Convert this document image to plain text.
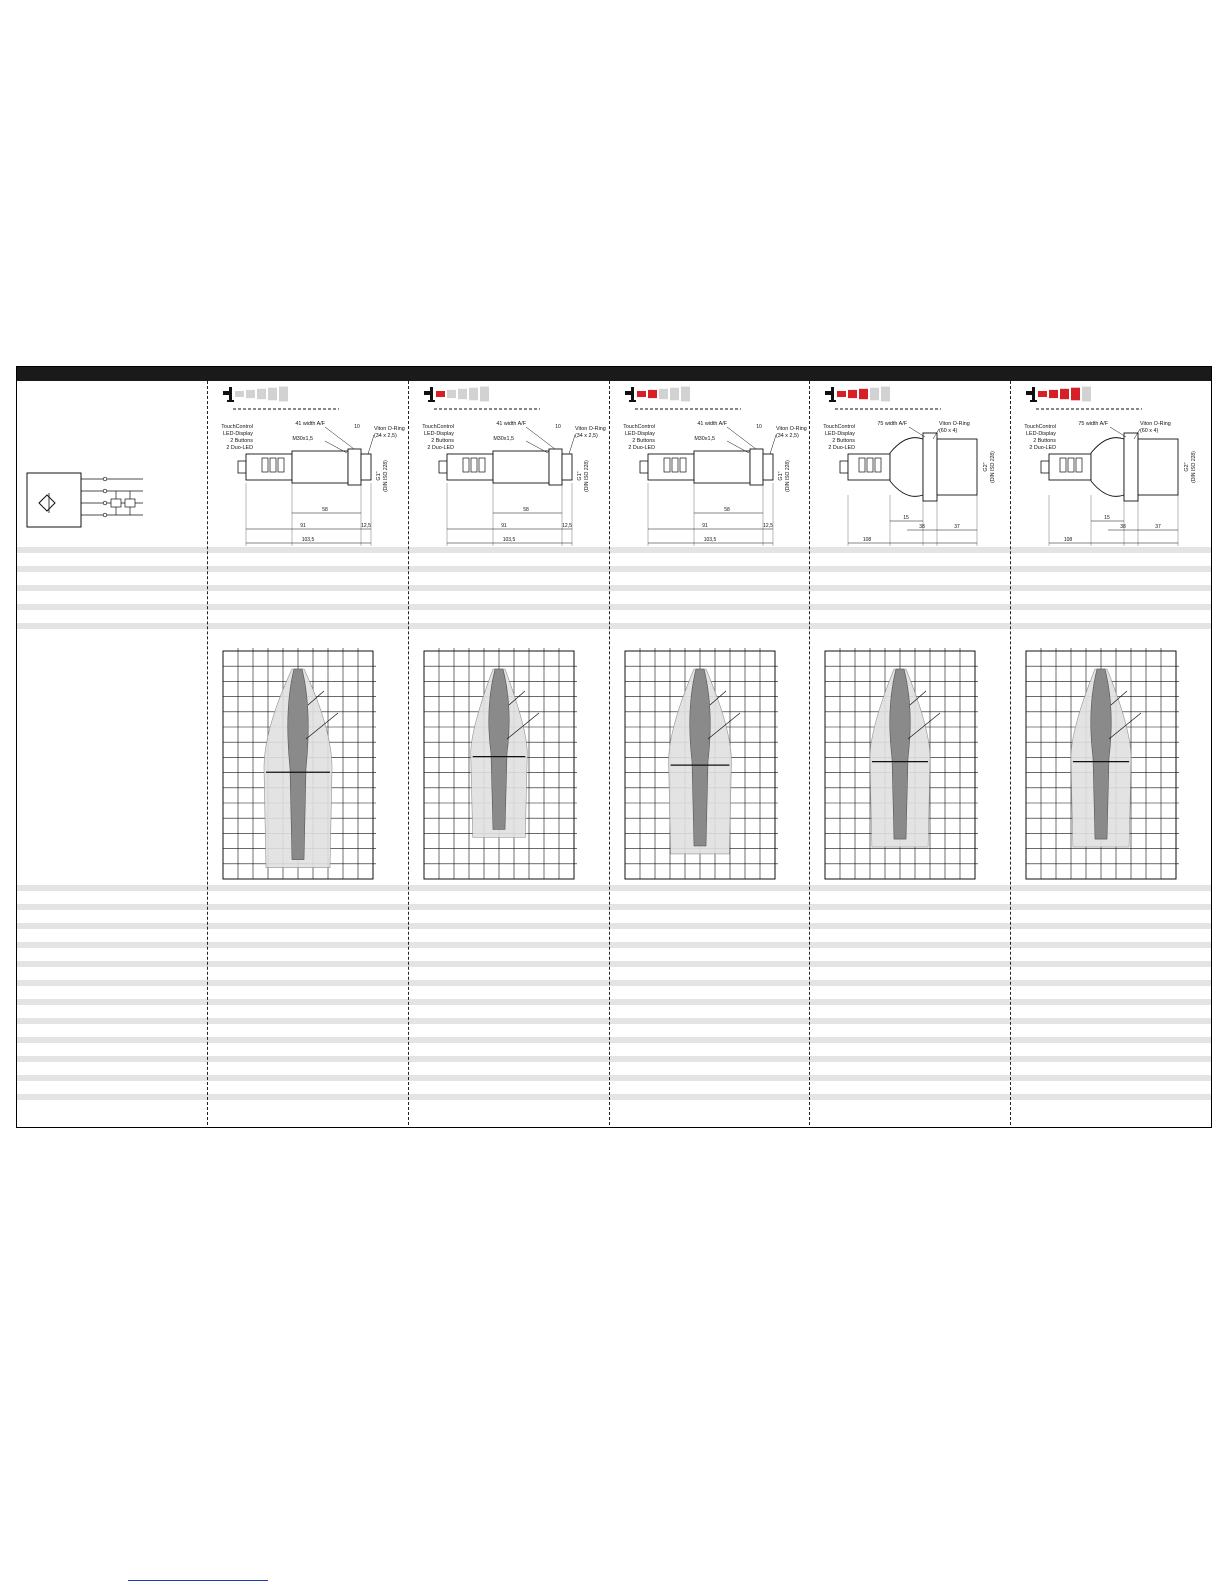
TouchControl
LED-Display
2 Buttons
2 Duo-LED
41 width A/F
M30x1,5
10	Viton O-Ring
(34 x 2,5)
G1" (DIN ISO 228)
58
91	12,5
103,5
TouchControl
LED-Display
2 Buttons
2 Duo-LED
41 width A/F
M30x1,5
10	Viton O-Ring
(34 x 2,5)
G1" (DIN ISO 228)
58
91	12,5
103,5
TouchControl
LED-Display
2 Buttons
2 Duo-LED
41 width A/F
M30x1,5
10	Viton O-Ring
(34 x 2,5)
G1" (DIN ISO 228)
58
91	12,5
103,5
TouchControl
LED-Display
2 Buttons
2 Duo-LED
75 width A/F	Viton O-Ring
(60 x 4)
G2" (DIN ISO 228)
15
38	37
108
TouchControl
LED-Display
2 Buttons
2 Duo-LED
75 width A/F	Viton O-Ring
(60 x 4)
G2" (DIN ISO 228)
15
38	37
108
